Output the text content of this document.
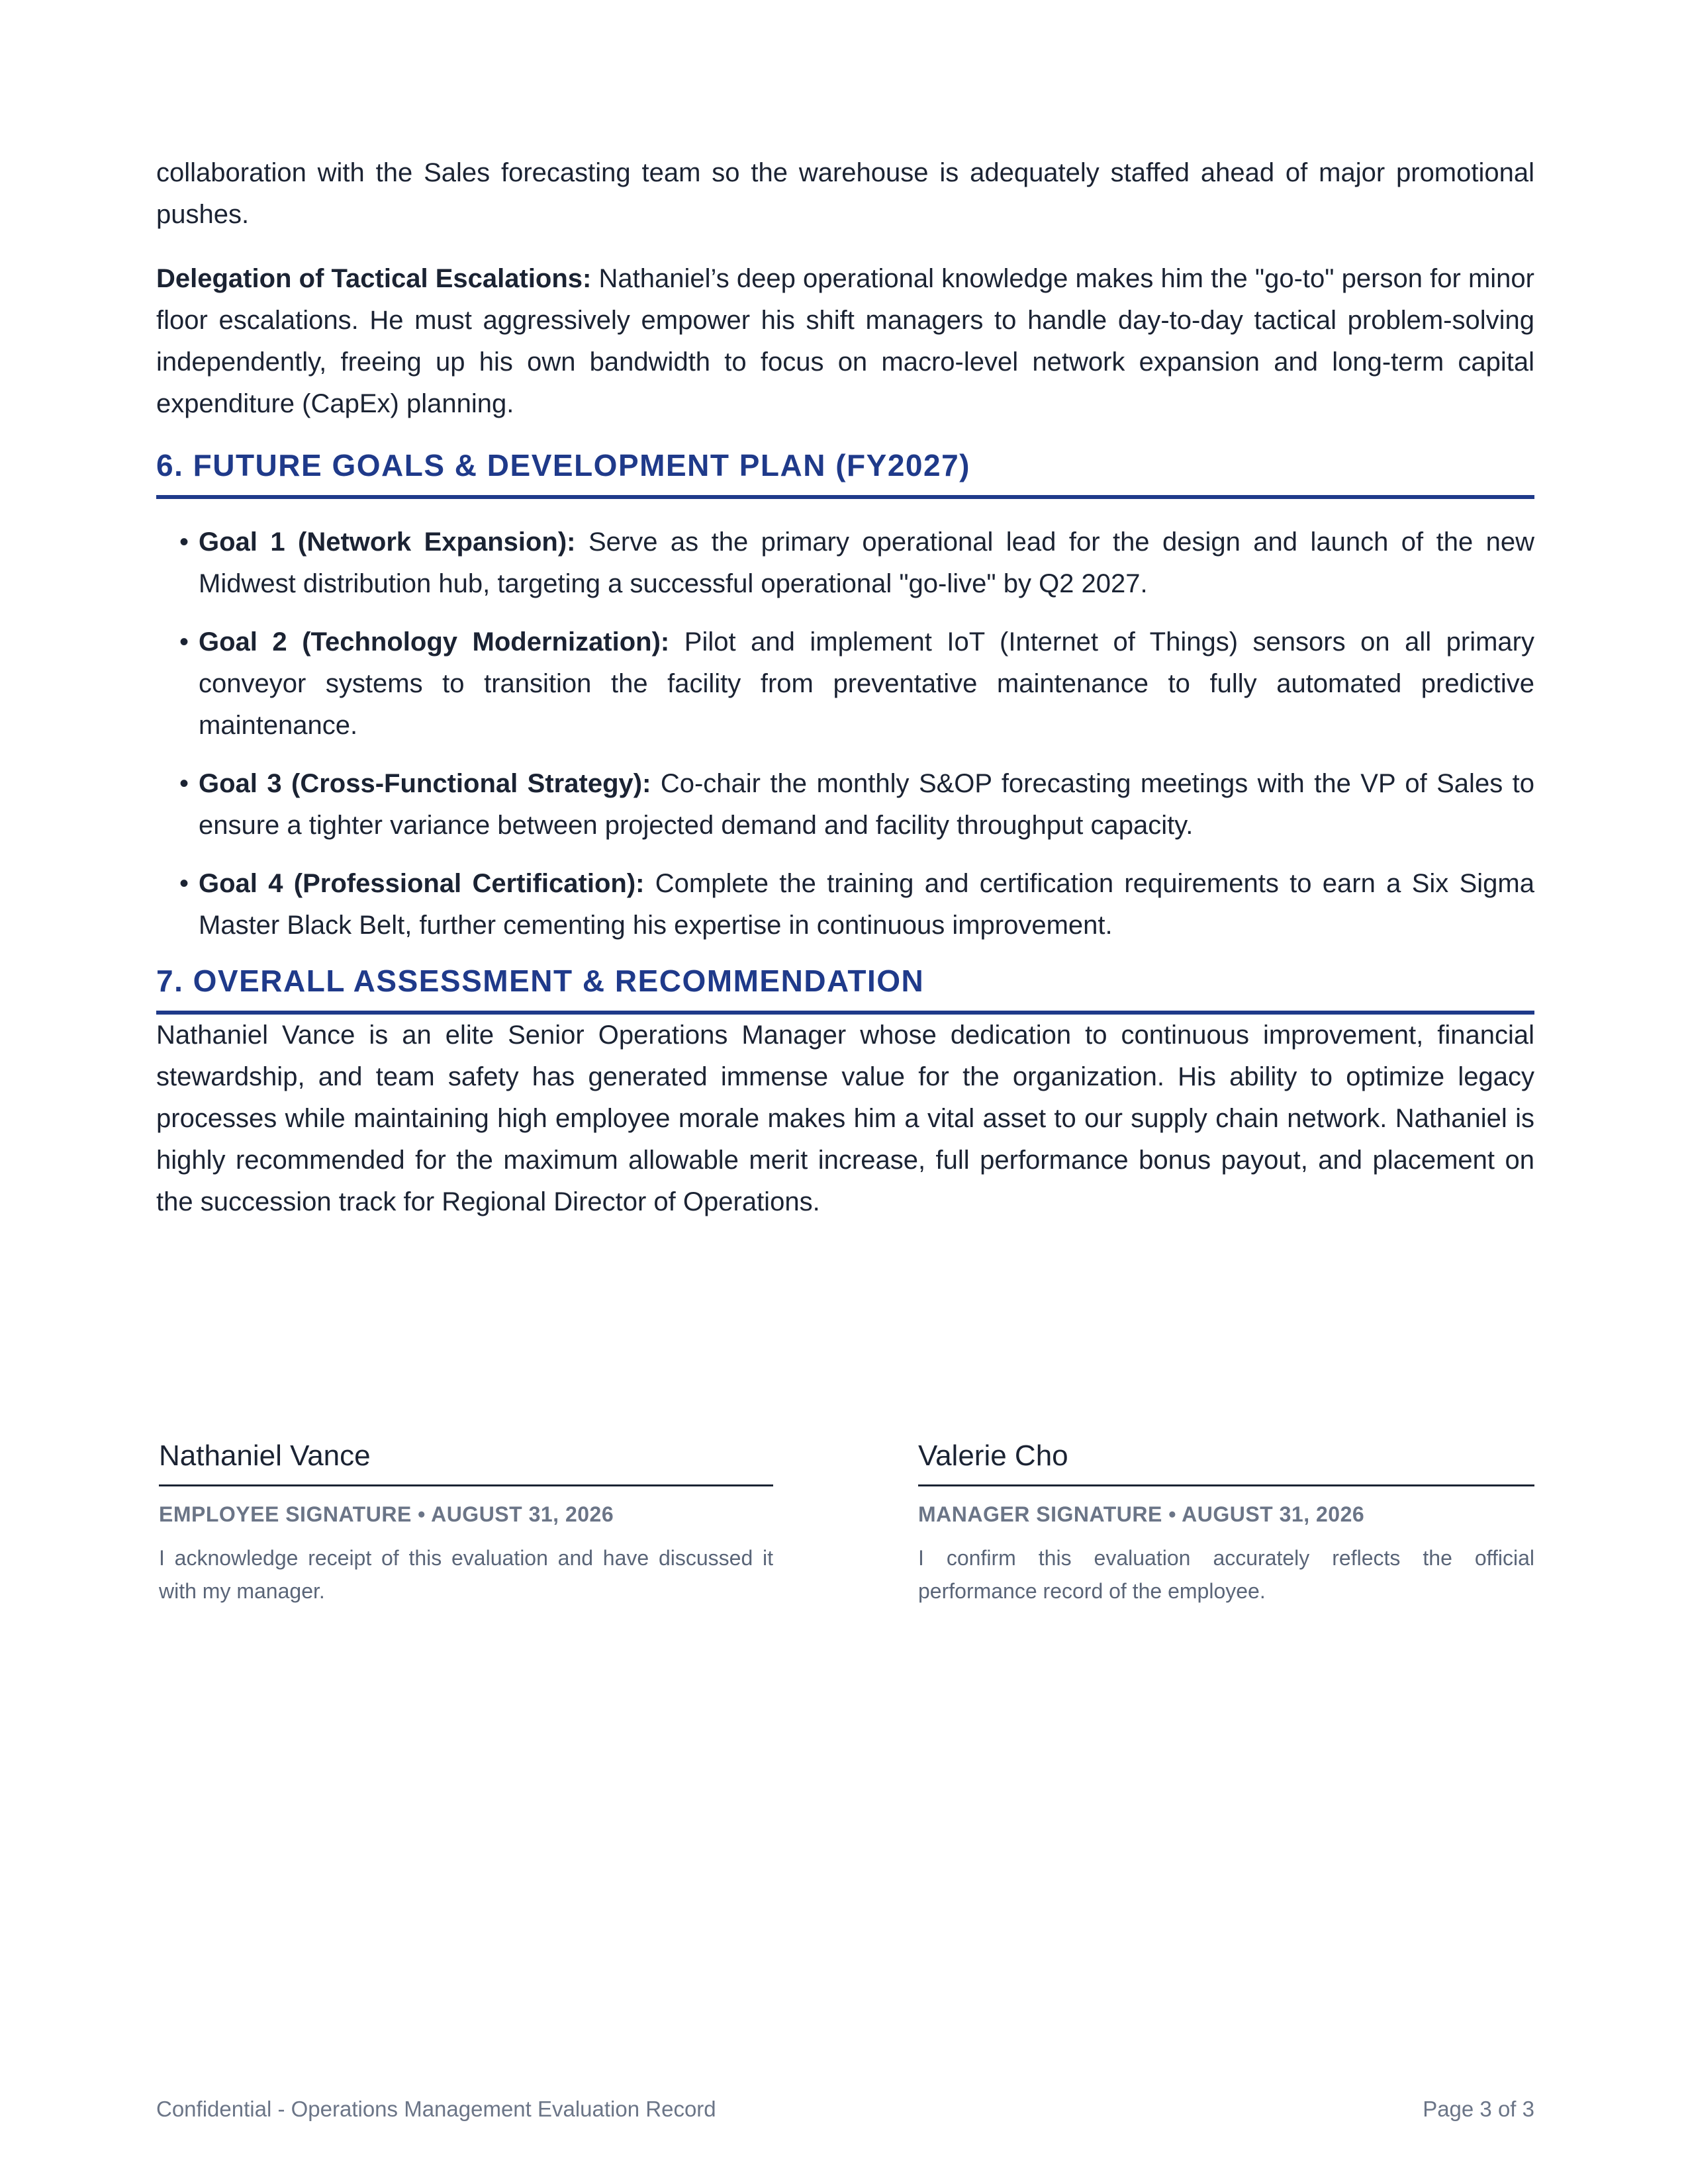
collaboration with the Sales forecasting team so the warehouse is adequately staffed ahead of major promotional pushes.

Delegation of Tactical Escalations: Nathaniel’s deep operational knowledge makes him the "go-to" person for minor floor escalations. He must aggressively empower his shift managers to handle day-to-day tactical problem-solving independently, freeing up his own bandwidth to focus on macro-level network expansion and long-term capital expenditure (CapEx) planning.

6. FUTURE GOALS & DEVELOPMENT PLAN (FY2027)
• Goal 1 (Network Expansion): Serve as the primary operational lead for the design and launch of the new Midwest distribution hub, targeting a successful operational "go-live" by Q2 2027.
• Goal 2 (Technology Modernization): Pilot and implement IoT (Internet of Things) sensors on all primary conveyor systems to transition the facility from preventative maintenance to fully automated predictive maintenance.
• Goal 3 (Cross-Functional Strategy): Co-chair the monthly S&OP forecasting meetings with the VP of Sales to ensure a tighter variance between projected demand and facility throughput capacity.
• Goal 4 (Professional Certification): Complete the training and certification requirements to earn a Six Sigma Master Black Belt, further cementing his expertise in continuous improvement.
7. OVERALL ASSESSMENT & RECOMMENDATION

Nathaniel Vance is an elite Senior Operations Manager whose dedication to continuous improvement, financial stewardship, and team safety has generated immense value for the organization. His ability to optimize legacy processes while maintaining high employee morale makes him a vital asset to our supply chain network. Nathaniel is highly recommended for the maximum allowable merit increase, full performance bonus payout, and placement on the succession track for Regional Director of Operations.

Nathaniel Vance
EMPLOYEE SIGNATURE • AUGUST 31, 2026
I acknowledge receipt of this evaluation and have discussed it with my manager.
Valerie Cho
MANAGER SIGNATURE • AUGUST 31, 2026
I confirm this evaluation accurately reflects the official performance record of the employee.
Confidential - Operations Management Evaluation Record	Page 3 of 3
